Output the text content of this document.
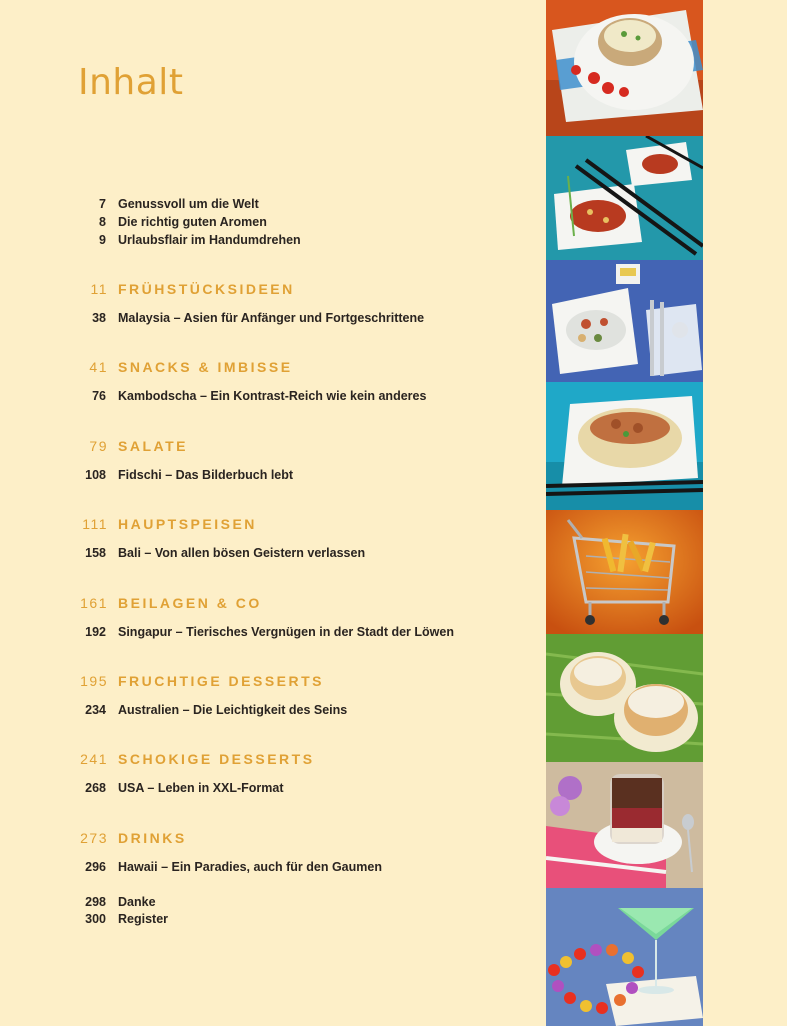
Inhalt
7 Genussvoll um die Welt
8 Die richtig guten Aromen
9 Urlaubsflair im Handumdrehen
11 FRÜHSTÜCKSIDEEN
38 Malaysia – Asien für Anfänger und Fortgeschrittene
41 SNACKS & IMBISSE
76 Kambodscha – Ein Kontrast-Reich wie kein anderes
79 SALATE
108 Fidschi – Das Bilderbuch lebt
111 HAUPTSPEISEN
158 Bali – Von allen bösen Geistern verlassen
161 BEILAGEN & CO
192 Singapur – Tierisches Vergnügen in der Stadt der Löwen
195 FRUCHTIGE DESSERTS
234 Australien – Die Leichtigkeit des Seins
241 SCHOKIGE DESSERTS
268 USA – Leben in XXL-Format
273 DRINKS
296 Hawaii – Ein Paradies, auch für den Gaumen
298 Danke
300 Register
